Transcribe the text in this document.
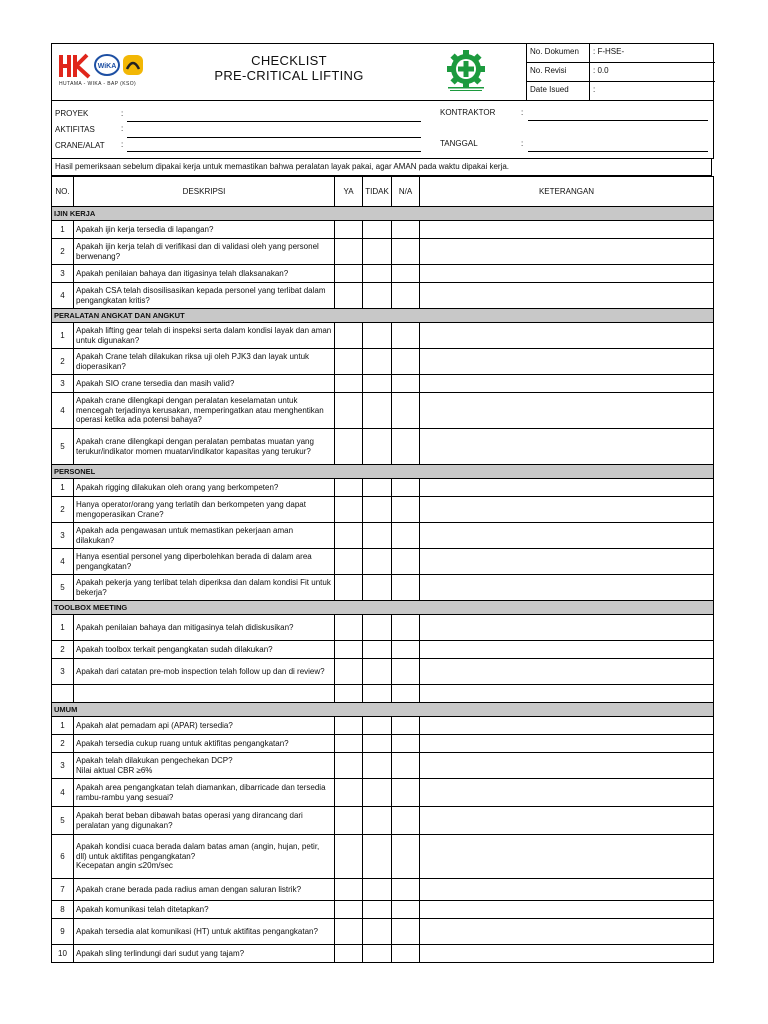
WiKA
HUTAMA - WIKA - BAP (KSO)
CHECKLIST
PRE-CRITICAL LIFTING
No. Dokumen	: F-HSE-
No. Revisi	: 0.0
Date Isued	:
PROYEK	:
AKTIFITAS	:
CRANE/ALAT :
KONTRAKTOR	:
TANGGAL	:
Hasil pemeriksaan sebelum dipakai kerja untuk memastikan bahwa peralatan layak pakai, agar AMAN pada waktu dipakai kerja.
NO.	DESKRIPSI	YA	TIDAK	N/A	KETERANGAN
IJIN KERJA					
1	Apakah ijin kerja tersedia di lapangan?				
2	Apakah ijin kerja telah di verifikasi dan di validasi oleh yang personel berwenang?				
3	Apakah penilaian bahaya dan itigasinya telah dlaksanakan?				
4	Apakah CSA telah disosilisasikan kepada personel yang terlibat dalam pengangkatan kritis?				
PERALATAN ANGKAT DAN ANGKUT					
1	Apakah lifting gear telah di inspeksi serta dalam kondisi layak dan aman untuk digunakan?				
2	Apakah Crane telah dilakukan riksa uji oleh PJK3 dan layak untuk dioperasikan?				
3	Apakah SIO crane tersedia dan masih valid?				
4	Apakah crane dilengkapi dengan peralatan keselamatan untuk mencegah terjadinya kerusakan, memperingatkan atau menghentikan operasi ketika ada potensi bahaya?				
5	Apakah crane dilengkapi dengan peralatan pembatas muatan yang terukur/indikator momen muatan/indikator kapasitas yang terukur?				
PERSONEL					
1	Apakah rigging dilakukan oleh orang yang berkompeten?				
2	Hanya operator/orang yang terlatih dan berkompeten yang dapat mengoperasikan Crane?				
3	Apakah ada pengawasan untuk memastikan pekerjaan aman dilakukan?				
4	Hanya esential personel yang diperbolehkan berada di dalam area pengangkatan?				
5	Apakah pekerja yang terlibat telah diperiksa dan dalam kondisi Fit untuk bekerja?				
TOOLBOX MEETING					
1	Apakah penilaian bahaya dan mitigasinya telah didiskusikan?				
2	Apakah toolbox terkait pengangkatan sudah dilakukan?				
3	Apakah dari catatan pre-mob inspection telah follow up dan di review?				

UMUM					
1	Apakah alat pemadam api (APAR) tersedia?				
2	Apakah tersedia cukup ruang untuk aktifitas pengangkatan?				
3	Apakah telah dilakukan pengechekan DCP?
Nilai aktual CBR ≥6%				
4	Apakah area pengangkatan telah diamankan, dibarricade dan tersedia rambu-rambu yang sesuai?				
5	Apakah berat beban dibawah batas operasi yang dirancang dari peralatan yang digunakan?				
6	Apakah kondisi cuaca berada dalam batas aman (angin, hujan, petir, dll) untuk aktifitas pengangkatan?
Kecepatan angin ≤20m/sec				
7	Apakah crane berada pada radius aman dengan saluran listrik?				
8	Apakah komunikasi telah ditetapkan?				
9	Apakah tersedia alat komunikasi (HT) untuk aktifitas pengangkatan?				
10	Apakah sling terlindungi dari sudut yang tajam?				
